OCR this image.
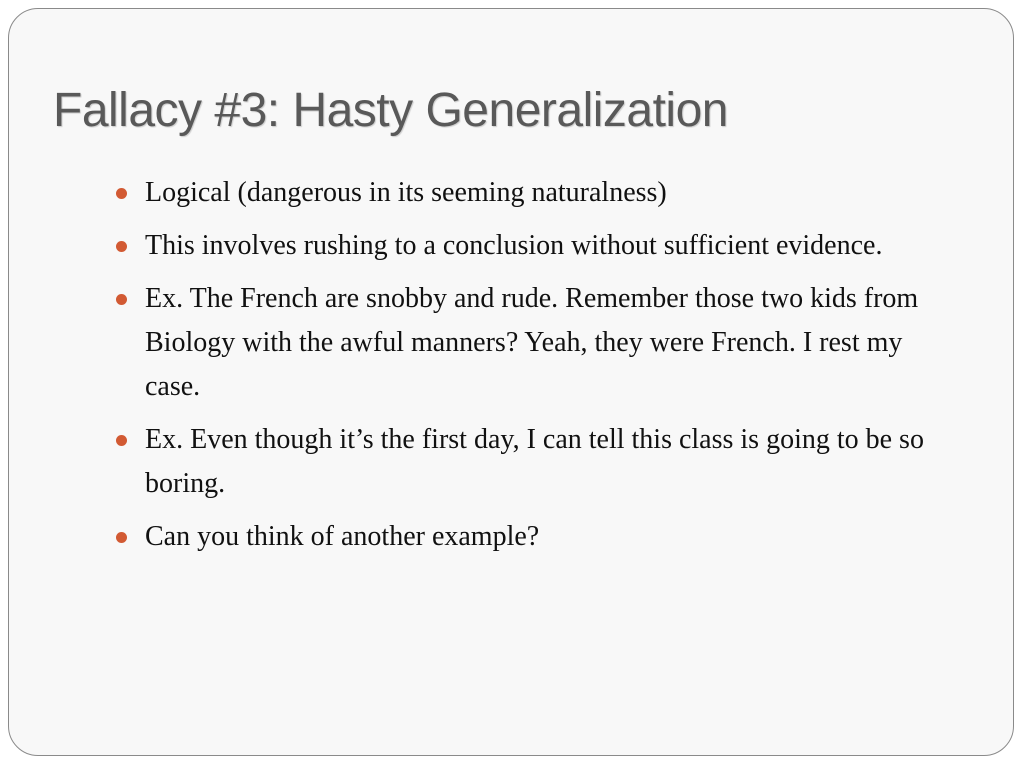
Fallacy #3: Hasty Generalization
Logical (dangerous in its seeming naturalness)
This involves rushing to a conclusion without sufficient evidence.
Ex. The French are snobby and rude. Remember those two kids from Biology with the awful manners? Yeah, they were French. I rest my case.
Ex. Even though it’s the first day, I can tell this class is going to be so boring.
Can you think of another example?
